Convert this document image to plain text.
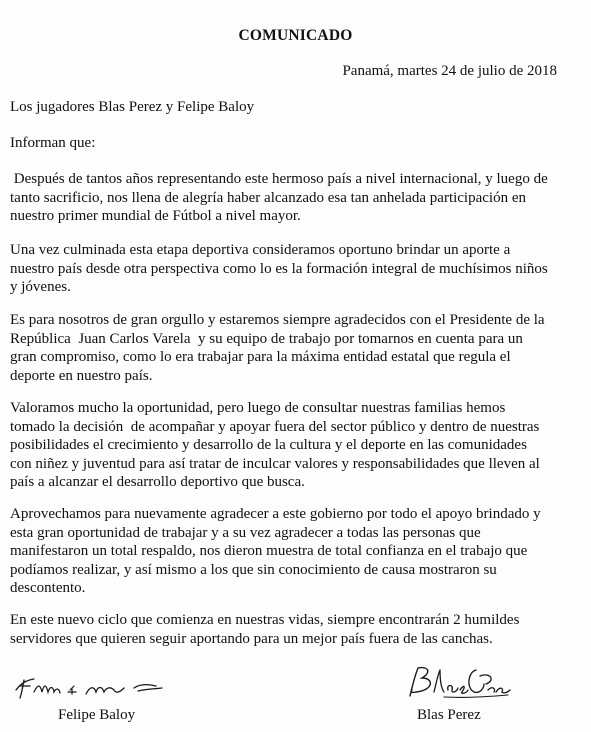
COMUNICADO
Panamá, martes 24 de julio de 2018
Los jugadores Blas Perez y Felipe Baloy
Informan que:
Después de tantos años representando este hermoso país a nivel internacional, y luego de
tanto sacrificio, nos llena de alegría haber alcanzado esa tan anhelada participación en
nuestro primer mundial de Fútbol a nivel mayor.
Una vez culminada esta etapa deportiva consideramos oportuno brindar un aporte a
nuestro país desde otra perspectiva como lo es la formación integral de muchísimos niños
y jóvenes.
Es para nosotros de gran orgullo y estaremos siempre agradecidos con el Presidente de la
República  Juan Carlos Varela  y su equipo de trabajo por tomarnos en cuenta para un
gran compromiso, como lo era trabajar para la máxima entidad estatal que regula el
deporte en nuestro país.
Valoramos mucho la oportunidad, pero luego de consultar nuestras familias hemos
tomado la decisión  de acompañar y apoyar fuera del sector público y dentro de nuestras
posibilidades el crecimiento y desarrollo de la cultura y el deporte en las comunidades
con niñez y juventud para así tratar de inculcar valores y responsabilidades que lleven al
país a alcanzar el desarrollo deportivo que busca.
Aprovechamos para nuevamente agradecer a este gobierno por todo el apoyo brindado y
esta gran oportunidad de trabajar y a su vez agradecer a todas las personas que
manifestaron un total respaldo, nos dieron muestra de total confianza en el trabajo que
podíamos realizar, y así mismo a los que sin conocimiento de causa mostraron su
descontento.
En este nuevo ciclo que comienza en nuestras vidas, siempre encontrarán 2 humildes
servidores que quieren seguir aportando para un mejor país fuera de las canchas.
Felipe Baloy	Blas Perez
